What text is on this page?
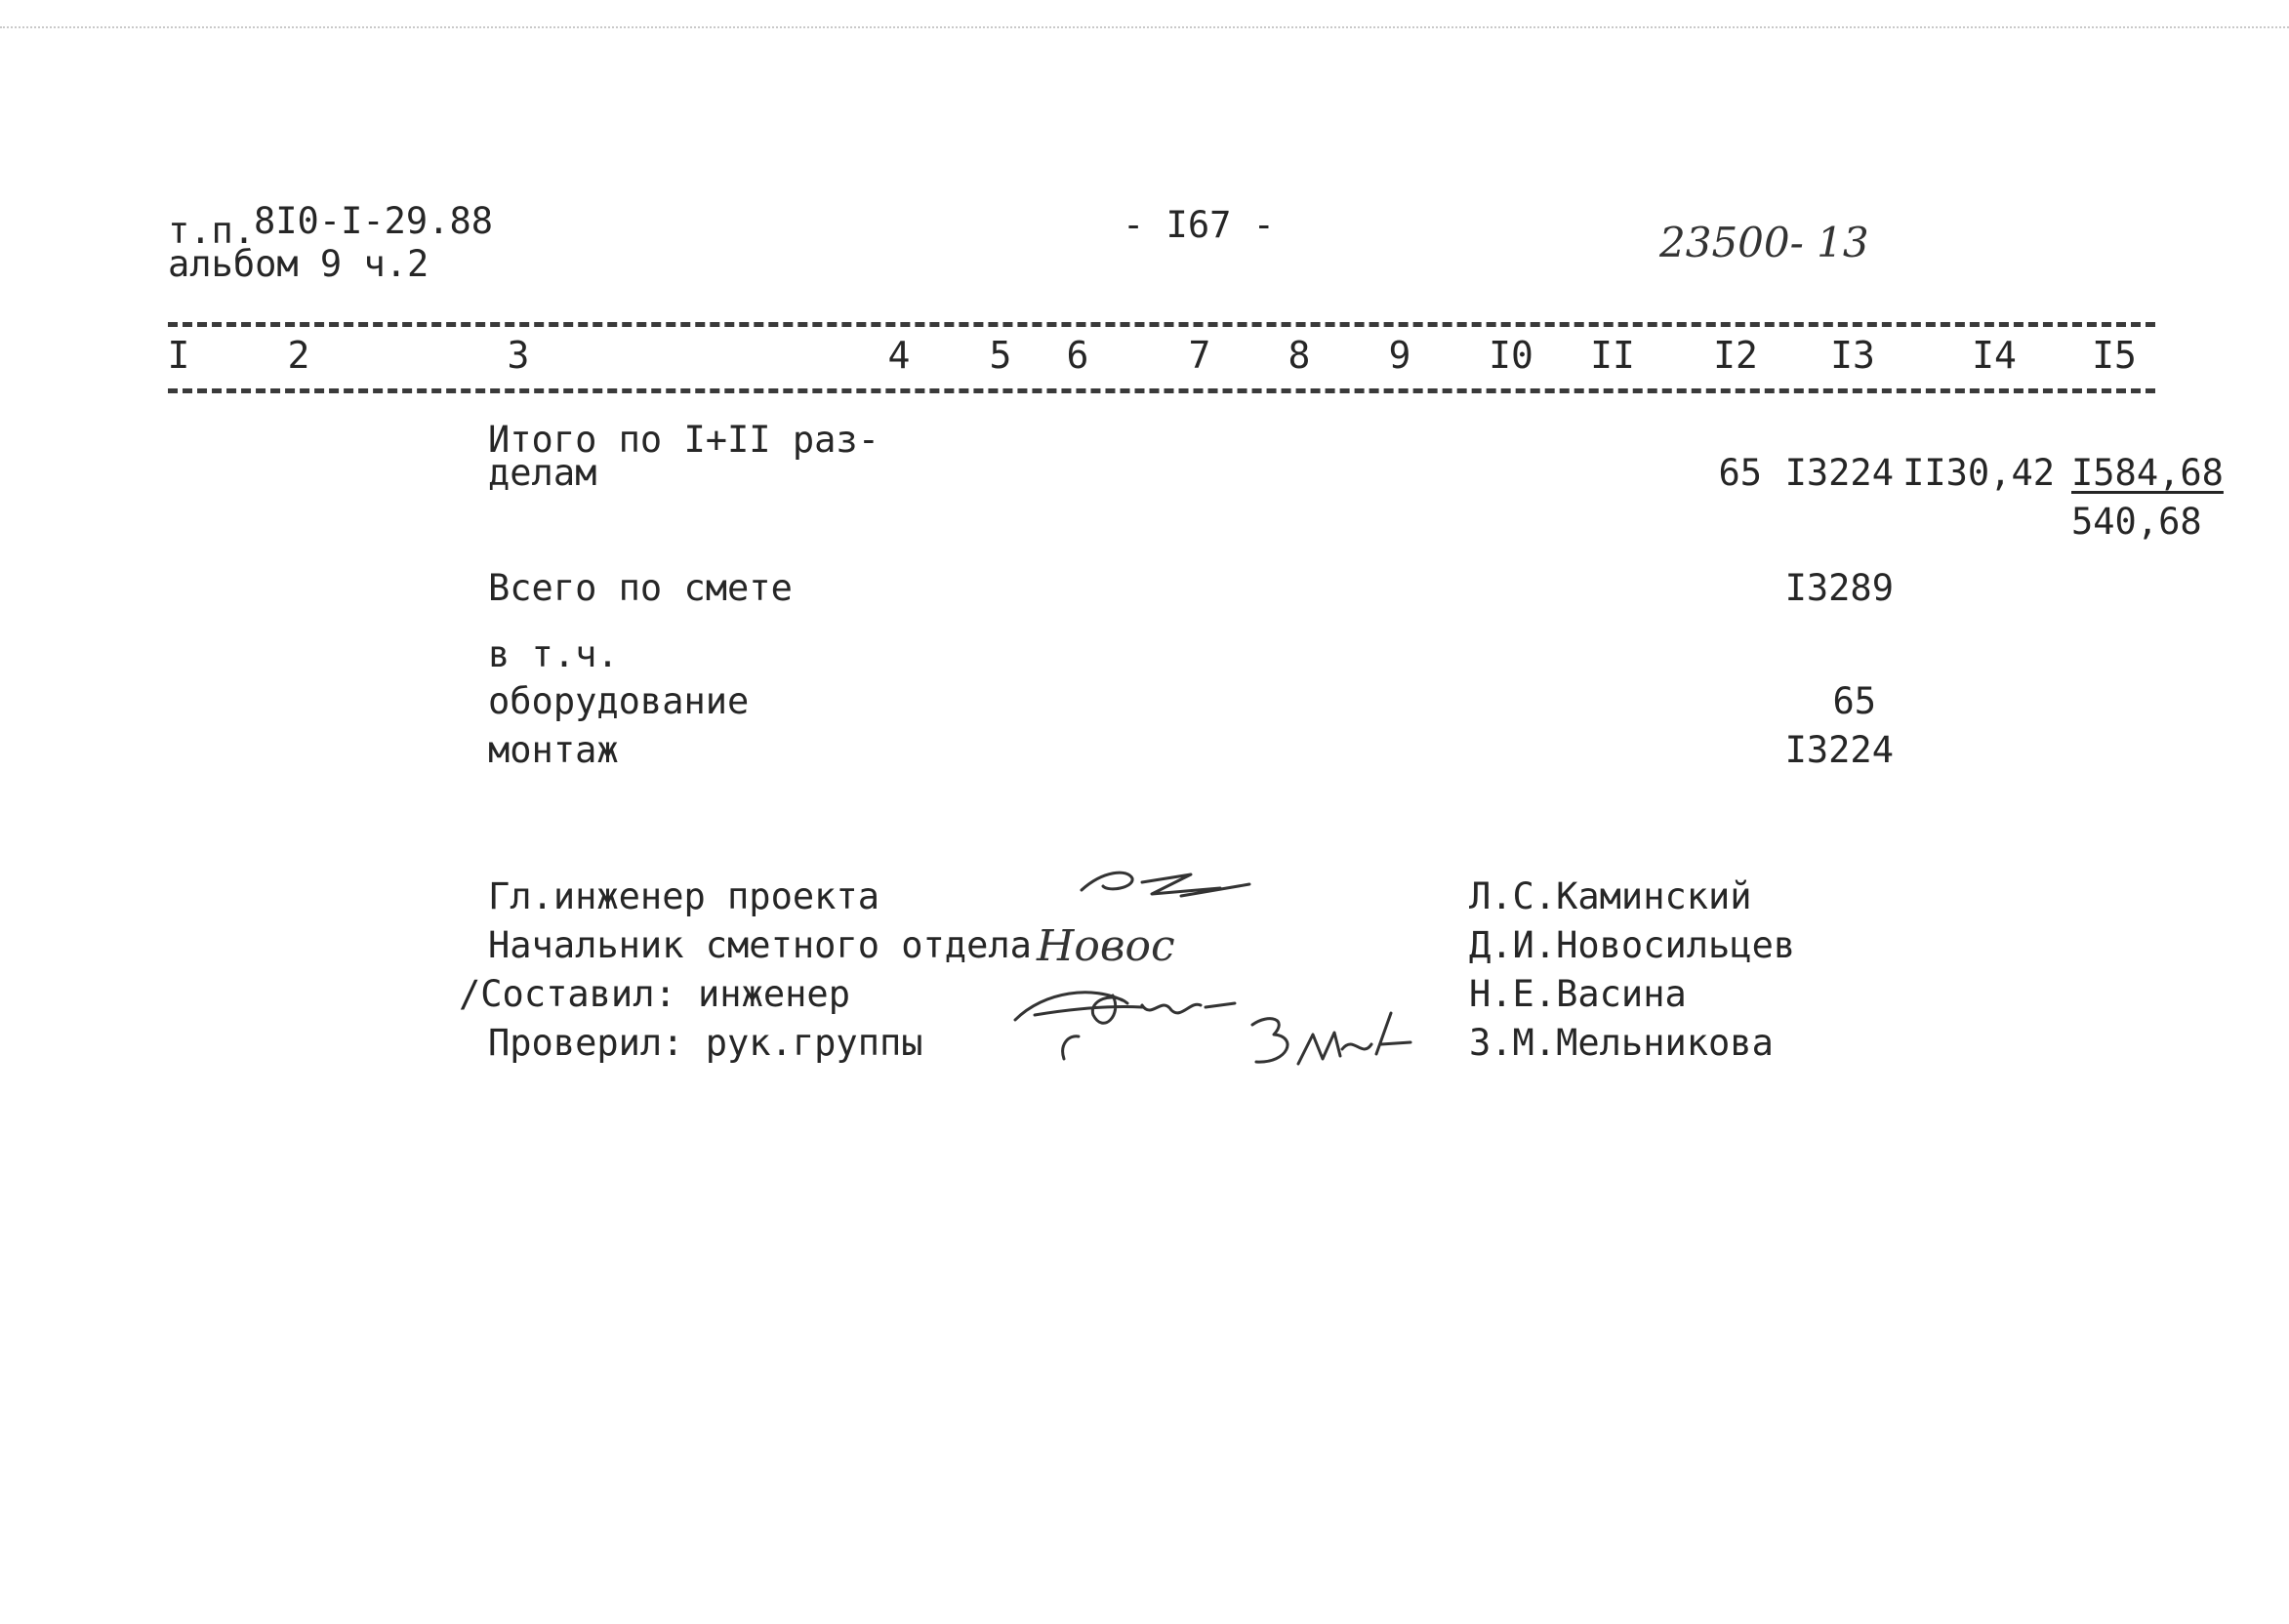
т.п.
8I0-I-29.88
альбом 9 ч.2
- I67 -	23500- 13
I	2	3	4 5 6	7 8 9 I0 II I2 I3	I4 I5
Итого по I+II раз-
делам	65 I3224 II30,42 I584,68
540,68
Всего по смете	I3289
в т.ч.
оборудование	65
монтаж	I3224
Гл.инженер проекта	Л.С.Каминский
Начальник сметного отдела	Д.И.Новосильцев
/Составил: инженер	Н.Е.Васина
Проверил: рук.группы	З.М.Мельникова
Новос
